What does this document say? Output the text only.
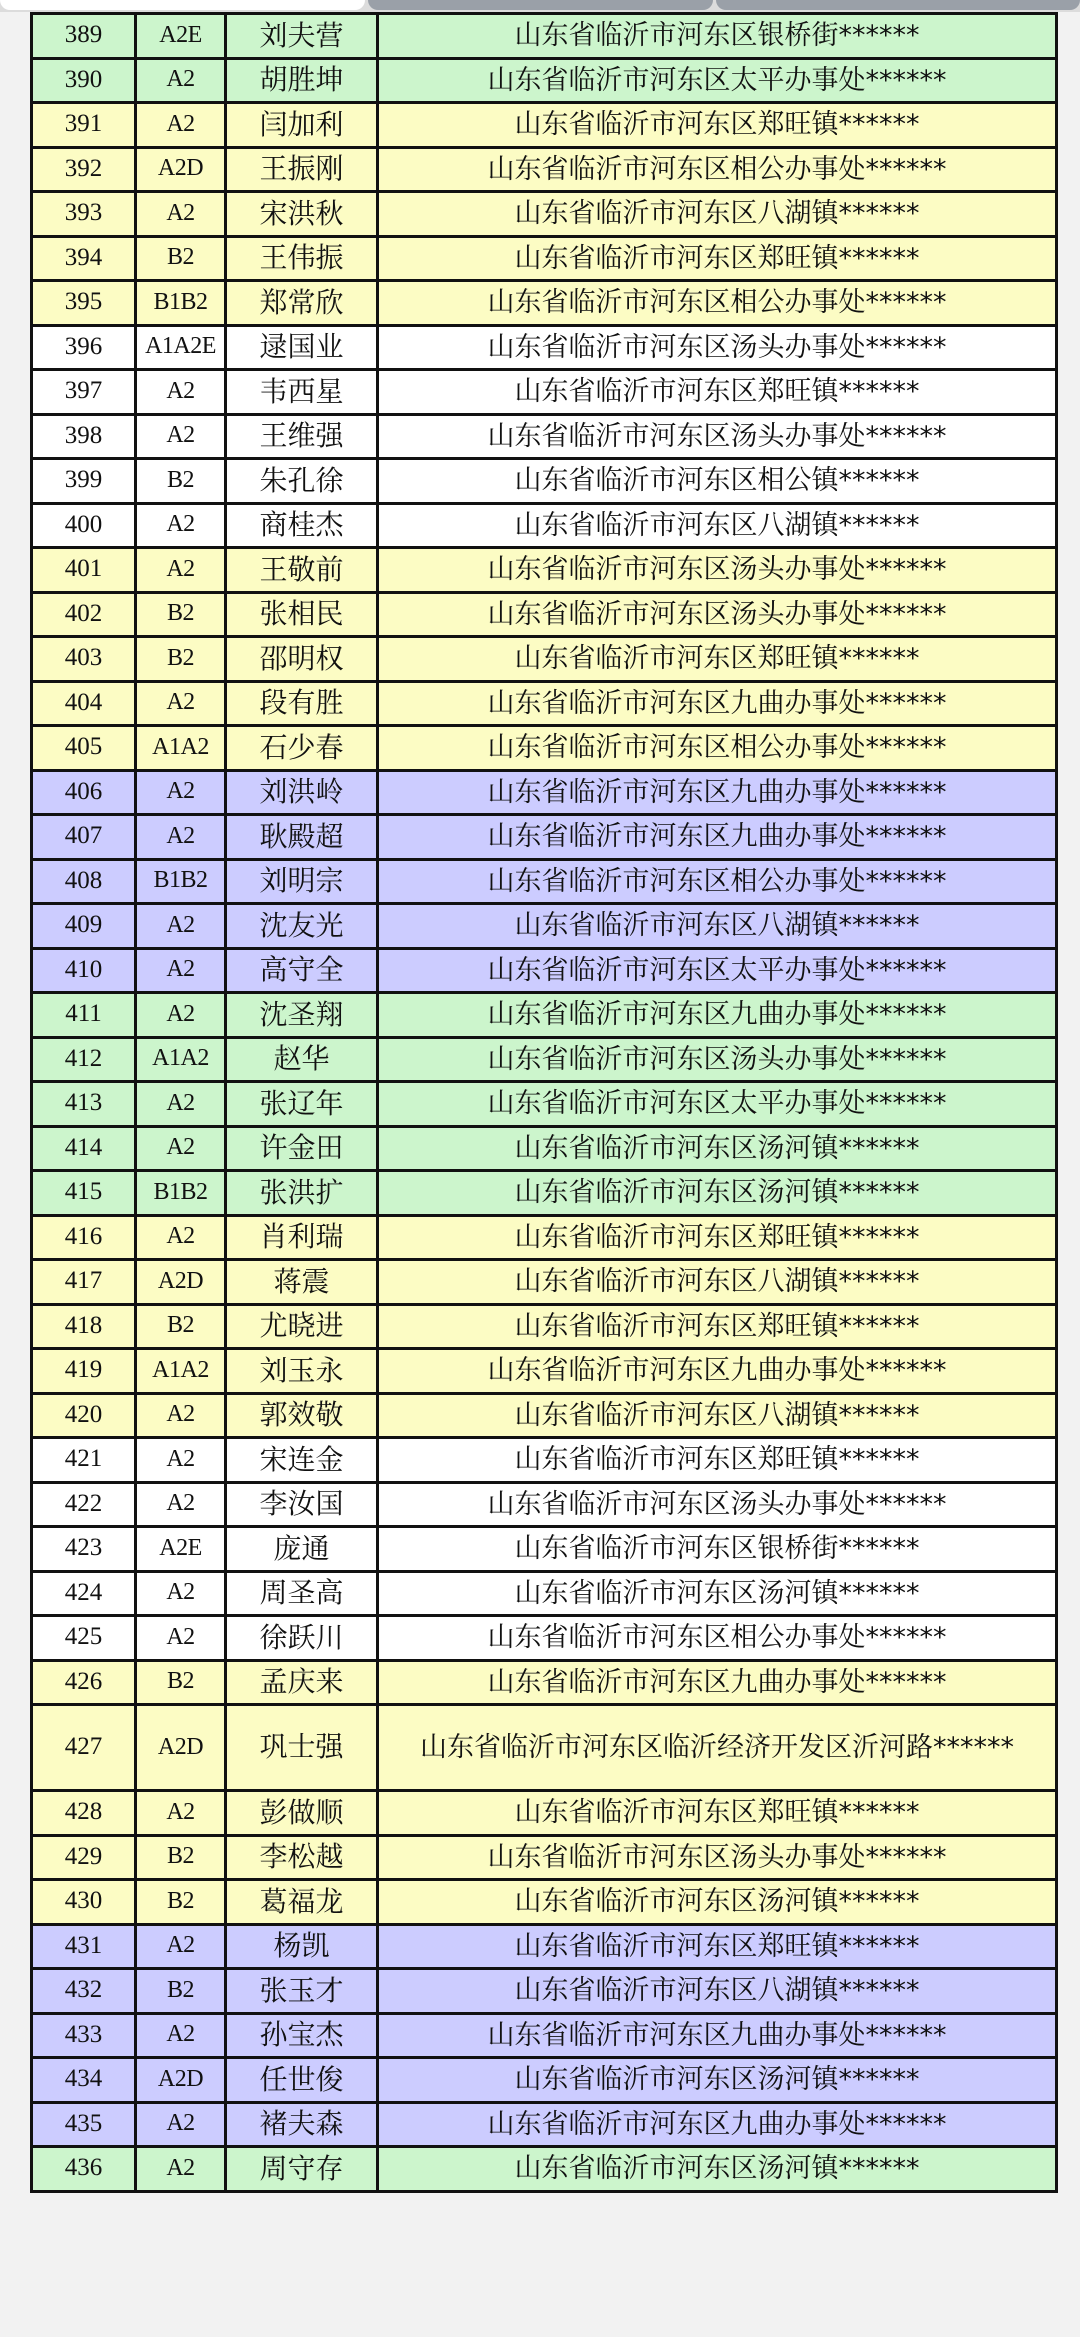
389	A2E	刘夫营	山东省临沂市河东区银桥街******
390	A2	胡胜坤	山东省临沂市河东区太平办事处******
391	A2	闫加利	山东省临沂市河东区郑旺镇******
392	A2D	王振刚	山东省临沂市河东区相公办事处******
393	A2	宋洪秋	山东省临沂市河东区八湖镇******
394	B2	王伟振	山东省临沂市河东区郑旺镇******
395	B1B2	郑常欣	山东省临沂市河东区相公办事处******
396	A1A2E	逯国业	山东省临沂市河东区汤头办事处******
397	A2	韦西星	山东省临沂市河东区郑旺镇******
398	A2	王维强	山东省临沂市河东区汤头办事处******
399	B2	朱孔徐	山东省临沂市河东区相公镇******
400	A2	商桂杰	山东省临沂市河东区八湖镇******
401	A2	王敬前	山东省临沂市河东区汤头办事处******
402	B2	张相民	山东省临沂市河东区汤头办事处******
403	B2	邵明权	山东省临沂市河东区郑旺镇******
404	A2	段有胜	山东省临沂市河东区九曲办事处******
405	A1A2	石少春	山东省临沂市河东区相公办事处******
406	A2	刘洪岭	山东省临沂市河东区九曲办事处******
407	A2	耿殿超	山东省临沂市河东区九曲办事处******
408	B1B2	刘明宗	山东省临沂市河东区相公办事处******
409	A2	沈友光	山东省临沂市河东区八湖镇******
410	A2	高守全	山东省临沂市河东区太平办事处******
411	A2	沈圣翔	山东省临沂市河东区九曲办事处******
412	A1A2	赵华	山东省临沂市河东区汤头办事处******
413	A2	张辽年	山东省临沂市河东区太平办事处******
414	A2	许金田	山东省临沂市河东区汤河镇******
415	B1B2	张洪扩	山东省临沂市河东区汤河镇******
416	A2	肖利瑞	山东省临沂市河东区郑旺镇******
417	A2D	蒋震	山东省临沂市河东区八湖镇******
418	B2	尤晓进	山东省临沂市河东区郑旺镇******
419	A1A2	刘玉永	山东省临沂市河东区九曲办事处******
420	A2	郭效敬	山东省临沂市河东区八湖镇******
421	A2	宋连金	山东省临沂市河东区郑旺镇******
422	A2	李汝国	山东省临沂市河东区汤头办事处******
423	A2E	庞通	山东省临沂市河东区银桥街******
424	A2	周圣高	山东省临沂市河东区汤河镇******
425	A2	徐跃川	山东省临沂市河东区相公办事处******
426	B2	孟庆来	山东省临沂市河东区九曲办事处******
427	A2D	巩士强	山东省临沂市河东区临沂经济开发区沂河路******
428	A2	彭做顺	山东省临沂市河东区郑旺镇******
429	B2	李松越	山东省临沂市河东区汤头办事处******
430	B2	葛福龙	山东省临沂市河东区汤河镇******
431	A2	杨凯	山东省临沂市河东区郑旺镇******
432	B2	张玉才	山东省临沂市河东区八湖镇******
433	A2	孙宝杰	山东省临沂市河东区九曲办事处******
434	A2D	任世俊	山东省临沂市河东区汤河镇******
435	A2	褚夫森	山东省临沂市河东区九曲办事处******
436	A2	周守存	山东省临沂市河东区汤河镇******
